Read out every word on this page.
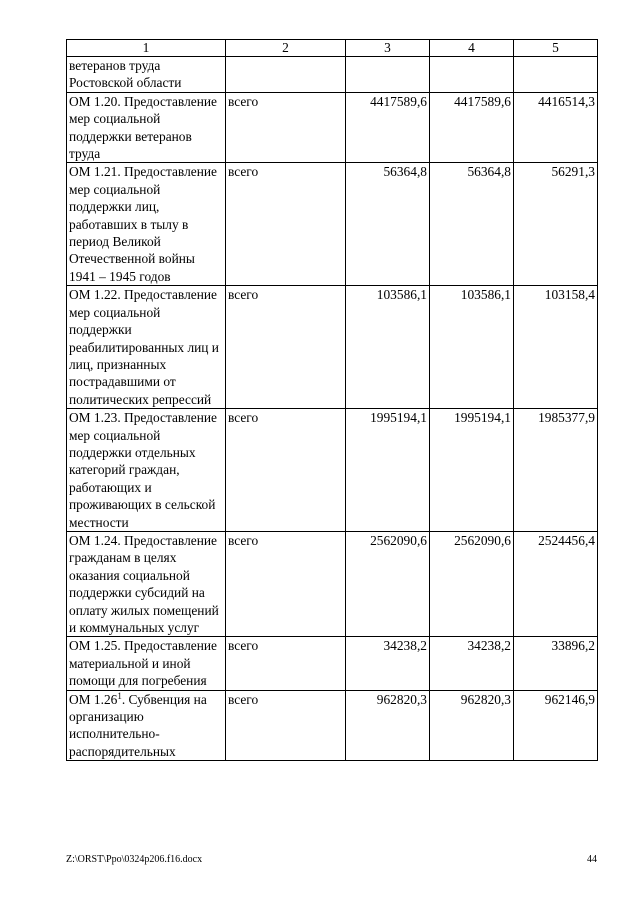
1	2	3	4	5
ветеранов труда Ростовской области				
ОМ 1.20. Предоставление мер социальной поддержки ветеранов труда	всего	4417589,6	4417589,6	4416514,3
ОМ 1.21. Предоставление мер социальной поддержки лиц, работавших в тылу в период Великой Отечественной войны 1941 – 1945 годов	всего	56364,8	56364,8	56291,3
ОМ 1.22. Предоставление мер социальной поддержки реабилитированных лиц и лиц, признанных пострадавшими от политических репрессий	всего	103586,1	103586,1	103158,4
ОМ 1.23. Предоставление мер социальной поддержки отдельных категорий граждан, работающих и проживающих в сельской местности	всего	1995194,1	1995194,1	1985377,9
ОМ 1.24. Предоставление гражданам в целях оказания социальной поддержки субсидий на оплату жилых помещений и коммунальных услуг	всего	2562090,6	2562090,6	2524456,4
ОМ 1.25. Предоставление материальной и иной помощи для погребения	всего	34238,2	34238,2	33896,2
ОМ 1.26$^1$. Субвенция на организацию исполнительно-распорядительных	всего	962820,3	962820,3	962146,9
Z:\ORST\Ppo\0324p206.f16.docx	44
